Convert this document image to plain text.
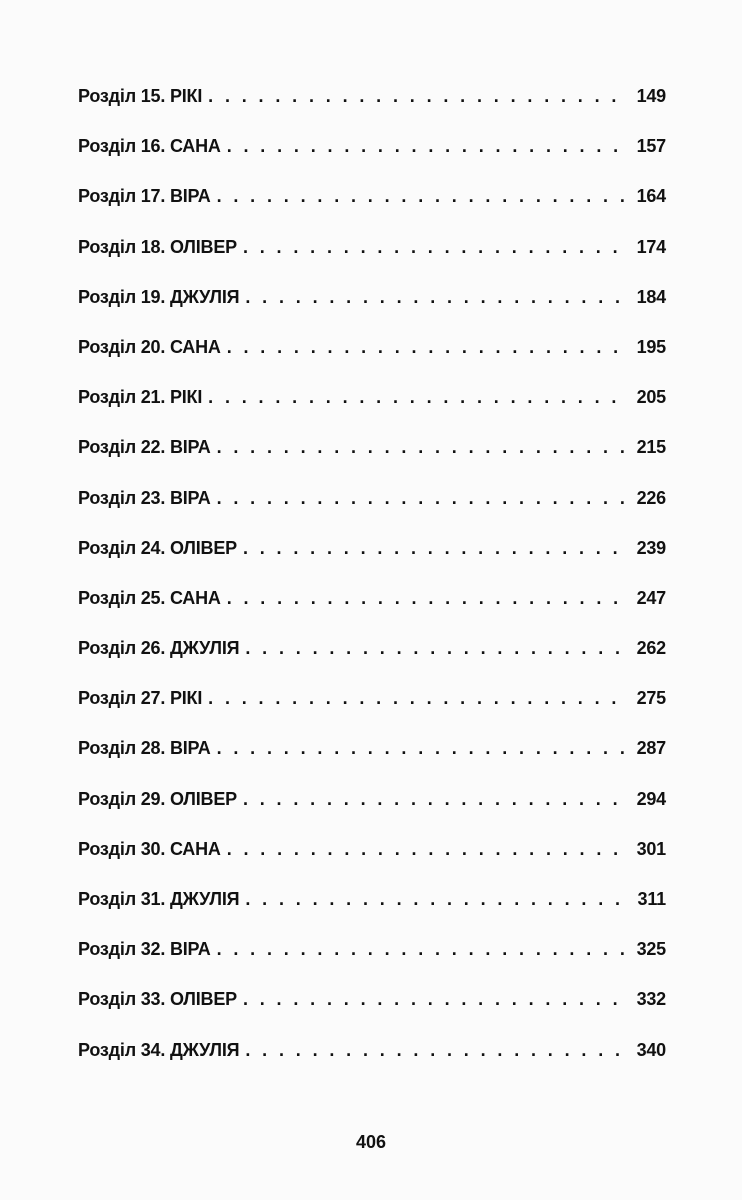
Розділ 15. РІКІ . . .	149
Розділ 16. САНА . . .	157
Розділ 17. ВІРА . . .	164
Розділ 18. ОЛІВЕР . . .	174
Розділ 19. ДЖУЛІЯ . . .	184
Розділ 20. САНА . . .	195
Розділ 21. РІКІ . . .	205
Розділ 22. ВІРА . . .	215
Розділ 23. ВІРА . . .	226
Розділ 24. ОЛІВЕР . . .	239
Розділ 25. САНА . . .	247
Розділ 26. ДЖУЛІЯ . . .	262
Розділ 27. РІКІ . . .	275
Розділ 28. ВІРА . . .	287
Розділ 29. ОЛІВЕР . . .	294
Розділ 30. САНА . . .	301
Розділ 31. ДЖУЛІЯ . . .	311
Розділ 32. ВІРА . . .	325
Розділ 33. ОЛІВЕР . . .	332
Розділ 34. ДЖУЛІЯ . . .	340
406
